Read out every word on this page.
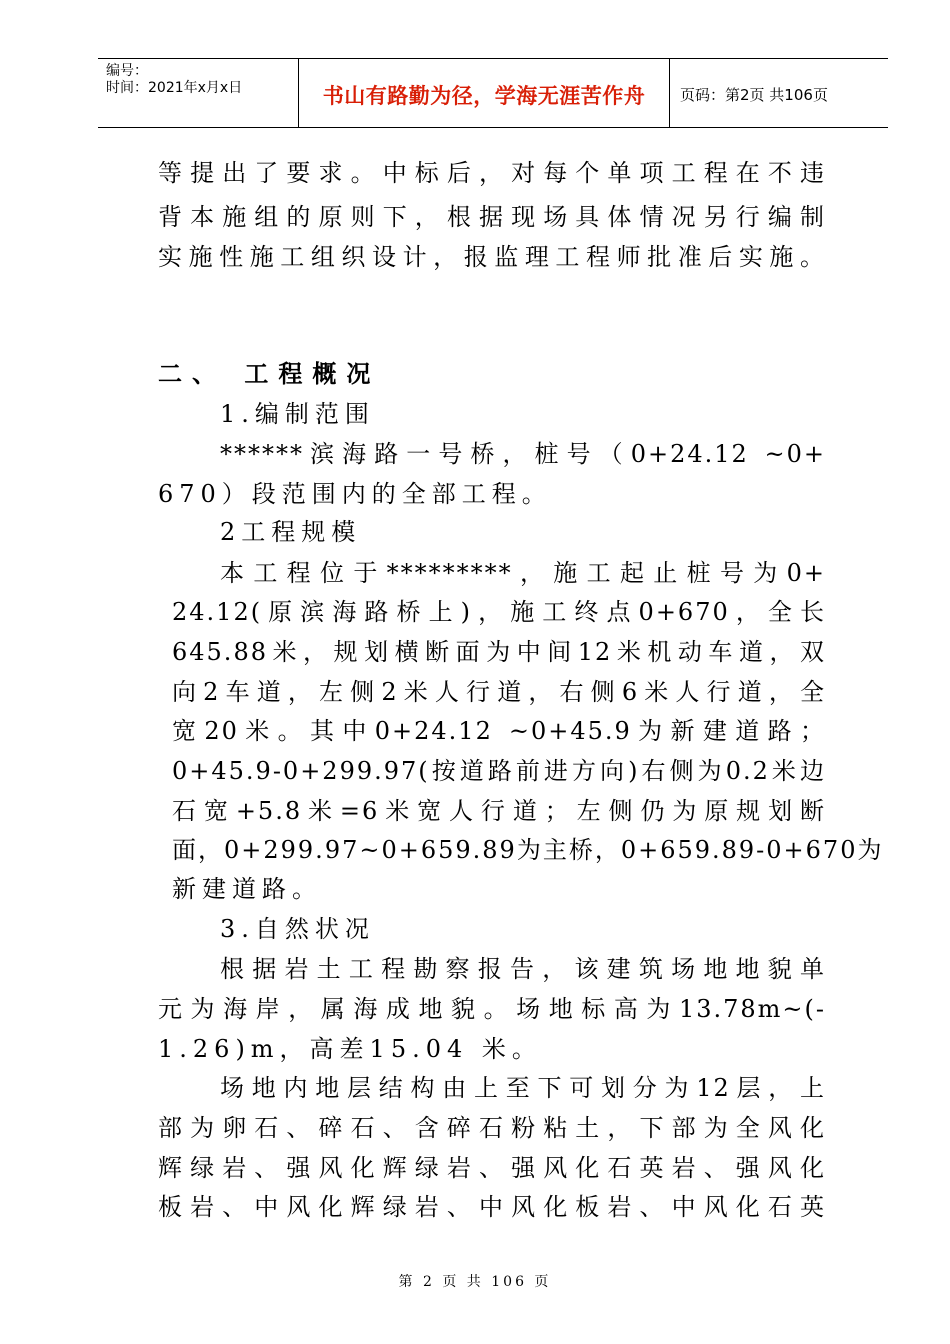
编号：
时间：2021年x月x日	书山有路勤为径，学海无涯苦作舟	页码：第2页 共106页
等提出了要求。中标后，对每个单项工程在不违
背本施组的原则下，根据现场具体情况另行编制
实施性施工组织设计，报监理工程师批准后实施。
二、 工程概况
1.编制范围
******滨海路一号桥，桩号（0+24.12 ~0+
670）段范围内的全部工程。
2工程规模
本工程位于*********，施工起止桩号为0+
24.12(原滨海路桥上)，施工终点0+670，全长
645.88米，规划横断面为中间12米机动车道，双
向2车道，左侧2米人行道，右侧6米人行道，全
宽20米。其中0+24.12 ~0+45.9为新建道路；
0+45.9-0+299.97(按道路前进方向)右侧为0.2米边
石宽+5.8米=6米宽人行道；左侧仍为原规划断
面，0+299.97~0+659.89为主桥，0+659.89-0+670为
新建道路。
3.自然状况
根据岩土工程勘察报告，该建筑场地地貌单
元为海岸，属海成地貌。场地标高为13.78m~(-
1.26)m，高差15.04 米。
场地内地层结构由上至下可划分为12层，上
部为卵石、碎石、含碎石粉粘土，下部为全风化
辉绿岩、强风化辉绿岩、强风化石英岩、强风化
板岩、中风化辉绿岩、中风化板岩、中风化石英
第 2 页 共 106 页
